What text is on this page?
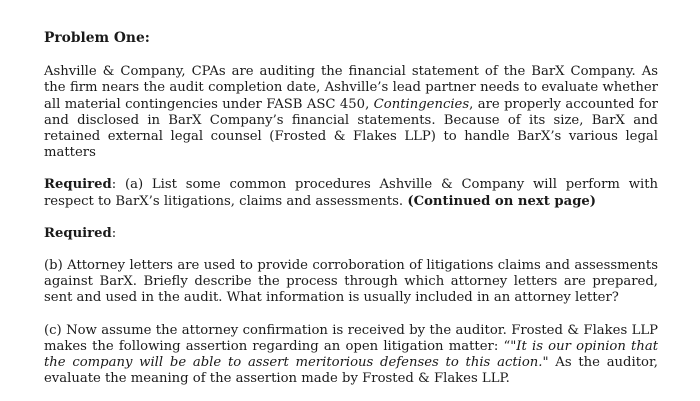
Problem One:

Ashville & Company, CPAs are auditing the financial statement of the BarX Company. As the firm nears the audit completion date, Ashville’s lead partner needs to evaluate whether all material contingencies under FASB ASC 450, Contingencies, are properly accounted for and disclosed in BarX Company’s financial statements. Because of its size, BarX and retained external legal counsel (Frosted & Flakes LLP) to handle BarX’s various legal matters

Required: (a) List some common procedures Ashville & Company will perform with respect to BarX’s litigations, claims and assessments. (Continued on next page)

Required:

(b) Attorney letters are used to provide corroboration of litigations claims and assessments against BarX. Briefly describe the process through which attorney letters are prepared, sent and used in the audit. What information is usually included in an attorney letter?

(c) Now assume the attorney confirmation is received by the auditor. Frosted & Flakes LLP makes the following assertion regarding an open litigation matter: “"It is our opinion that the company will be able to assert meritorious defenses to this action." As the auditor, evaluate the meaning of the assertion made by Frosted & Flakes LLP.
